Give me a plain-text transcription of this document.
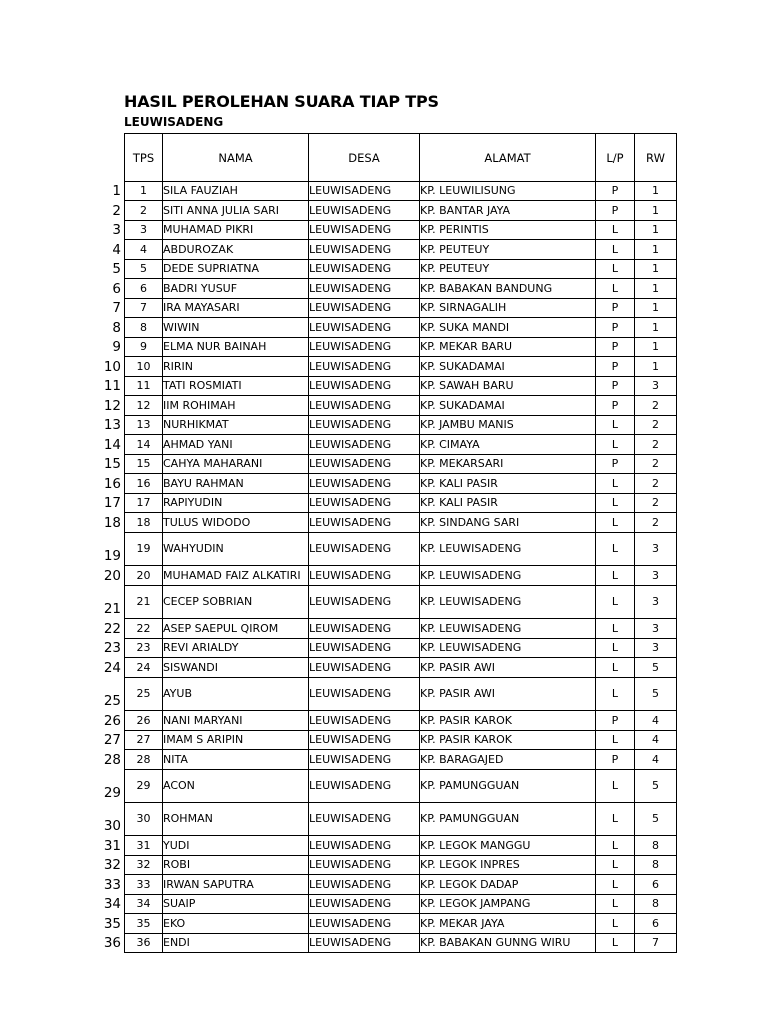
HASIL PEROLEHAN SUARA TIAP TPS
LEUWISADENG
TPS	NAMA	DESA	ALAMAT	L/P	RW
1	SILA FAUZIAH	LEUWISADENG	KP. LEUWILISUNG	P	1
2	SITI ANNA JULIA SARI	LEUWISADENG	KP. BANTAR JAYA	P	1
3	MUHAMAD PIKRI	LEUWISADENG	KP. PERINTIS	L	1
4	ABDUROZAK	LEUWISADENG	KP. PEUTEUY	L	1
5	DEDE SUPRIATNA	LEUWISADENG	KP. PEUTEUY	L	1
6	BADRI YUSUF	LEUWISADENG	KP. BABAKAN BANDUNG	L	1
7	IRA MAYASARI	LEUWISADENG	KP. SIRNAGALIH	P	1
8	WIWIN	LEUWISADENG	KP. SUKA MANDI	P	1
9	ELMA NUR BAINAH	LEUWISADENG	KP. MEKAR BARU	P	1
10	RIRIN	LEUWISADENG	KP. SUKADAMAI	P	1
11	TATI ROSMIATI	LEUWISADENG	KP. SAWAH BARU	P	3
12	IIM ROHIMAH	LEUWISADENG	KP. SUKADAMAI	P	2
13	NURHIKMAT	LEUWISADENG	KP. JAMBU MANIS	L	2
14	AHMAD YANI	LEUWISADENG	KP. CIMAYA	L	2
15	CAHYA MAHARANI	LEUWISADENG	KP. MEKARSARI	P	2
16	BAYU RAHMAN	LEUWISADENG	KP. KALI PASIR	L	2
17	RAPIYUDIN	LEUWISADENG	KP. KALI PASIR	L	2
18	TULUS WIDODO	LEUWISADENG	KP. SINDANG SARI	L	2
19	WAHYUDIN	LEUWISADENG	KP. LEUWISADENG	L	3
20	MUHAMAD FAIZ ALKATIRI	LEUWISADENG	KP. LEUWISADENG	L	3
21	CECEP SOBRIAN	LEUWISADENG	KP. LEUWISADENG	L	3
22	ASEP SAEPUL QIROM	LEUWISADENG	KP. LEUWISADENG	L	3
23	REVI ARIALDY	LEUWISADENG	KP. LEUWISADENG	L	3
24	SISWANDI	LEUWISADENG	KP. PASIR AWI	L	5
25	AYUB	LEUWISADENG	KP. PASIR AWI	L	5
26	NANI MARYANI	LEUWISADENG	KP. PASIR KAROK	P	4
27	IMAM S ARIPIN	LEUWISADENG	KP. PASIR KAROK	L	4
28	NITA	LEUWISADENG	KP. BARAGAJED	P	4
29	ACON	LEUWISADENG	KP. PAMUNGGUAN	L	5
30	ROHMAN	LEUWISADENG	KP. PAMUNGGUAN	L	5
31	YUDI	LEUWISADENG	KP. LEGOK MANGGU	L	8
32	ROBI	LEUWISADENG	KP. LEGOK INPRES	L	8
33	IRWAN SAPUTRA	LEUWISADENG	KP. LEGOK DADAP	L	6
34	SUAIP	LEUWISADENG	KP. LEGOK JAMPANG	L	8
35	EKO	LEUWISADENG	KP. MEKAR JAYA	L	6
36	ENDI	LEUWISADENG	KP. BABAKAN GUNNG WIRU	L	7
1
2
3
4
5
6
7
8
9
10
11
12
13
14
15
16
17
18
19
20
21
22
23
24
25
26
27
28
29
30
31
32
33
34
35
36
